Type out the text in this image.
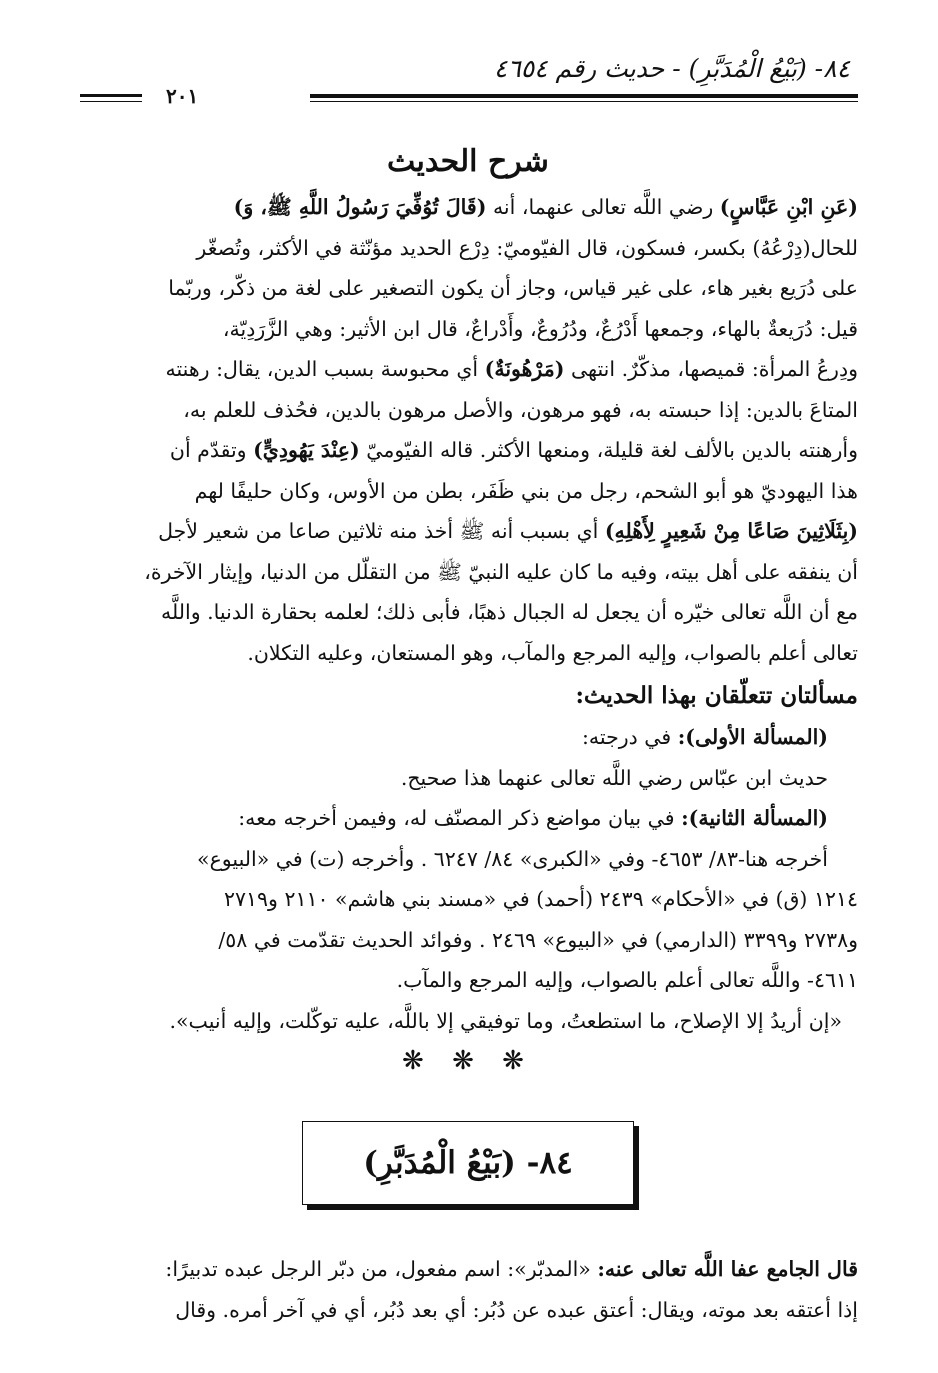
٨٤- (بَيْعُ الْمُدَبَّرِ) - حديث رقم ٤٦٥٤
٢٠١
شرح الحديث

(عَنِ ابْنِ عَبَّاسٍ) رضي اللَّه تعالى عنهما، أنه (قَالَ تُوُفِّيَ رَسُولُ اللَّهِ ﷺ، وَ)

للحال(دِرْعُهُ) بكسر، فسكون، قال الفيّوميّ: دِرْع الحديد مؤنّثة في الأكثر، وتُصغّر

على دُرَيع بغير هاء، على غير قياس، وجاز أن يكون التصغير على لغة من ذكّر، وربّما

قيل: دُرَيعةٌ بالهاء، وجمعها أَدْرُعٌ، ودُرُوعٌ، وأَدْراعٌ، قال ابن الأثير: وهي الزَّرَدِيّة،

ودِرعُ المرأة: قميصها، مذكّرٌ. انتهى (مَرْهُونَةٌ) أي محبوسة بسبب الدين، يقال: رهنته

المتاعَ بالدين: إذا حبسته به، فهو مرهون، والأصل مرهون بالدين، فحُذف للعلم به،

وأرهنته بالدين بالألف لغة قليلة، ومنعها الأكثر. قاله الفيّوميّ (عِنْدَ يَهُودِيٍّ) وتقدّم أن

هذا اليهوديّ هو أبو الشحم، رجل من بني ظَفَر، بطن من الأوس، وكان حليفًا لهم

(بِثَلَاثِينَ صَاعًا مِنْ شَعِيرٍ لِأَهْلِهِ) أي بسبب أنه ﷺ أخذ منه ثلاثين صاعا من شعير لأجل

أن ينفقه على أهل بيته، وفيه ما كان عليه النبيّ ﷺ من التقلّل من الدنيا، وإيثار الآخرة،

مع أن اللَّه تعالى خيّره أن يجعل له الجبال ذهبًا، فأبى ذلك؛ لعلمه بحقارة الدنيا. واللَّه

تعالى أعلم بالصواب، وإليه المرجع والمآب، وهو المستعان، وعليه التكلان.

مسألتان تتعلّقان بهذا الحديث:

(المسألة الأولى): في درجته:

حديث ابن عبّاس رضي اللَّه تعالى عنهما هذا صحيح.

(المسألة الثانية): في بيان مواضع ذكر المصنّف له، وفيمن أخرجه معه:

أخرجه هنا-٨٣/ ٤٦٥٣- وفي «الكبرى» ٨٤/ ٦٢٤٧ . وأخرجه (ت) في «البيوع»

١٢١٤ (ق) في «الأحكام» ٢٤٣٩ (أحمد) في «مسند بني هاشم» ٢١١٠ و٢٧١٩

و٢٧٣٨ و٣٣٩٩ (الدارمي) في «البيوع» ٢٤٦٩ . وفوائد الحديث تقدّمت في ٥٨/

٤٦١١- واللَّه تعالى أعلم بالصواب، وإليه المرجع والمآب.

«إن أريدُ إلا الإصلاح، ما استطعتُ، وما توفيقي إلا باللَّه، عليه توكّلت، وإليه أنيب».

❋ ❋ ❋
٨٤- (بَيْعُ الْمُدَبَّرِ)

قال الجامع عفا اللَّه تعالى عنه: «المدبّر»: اسم مفعول، من دبّر الرجل عبده تدبيرًا:

إذا أعتقه بعد موته، ويقال: أعتق عبده عن دُبُر: أي بعد دُبُر، أي في آخر أمره. وقال
